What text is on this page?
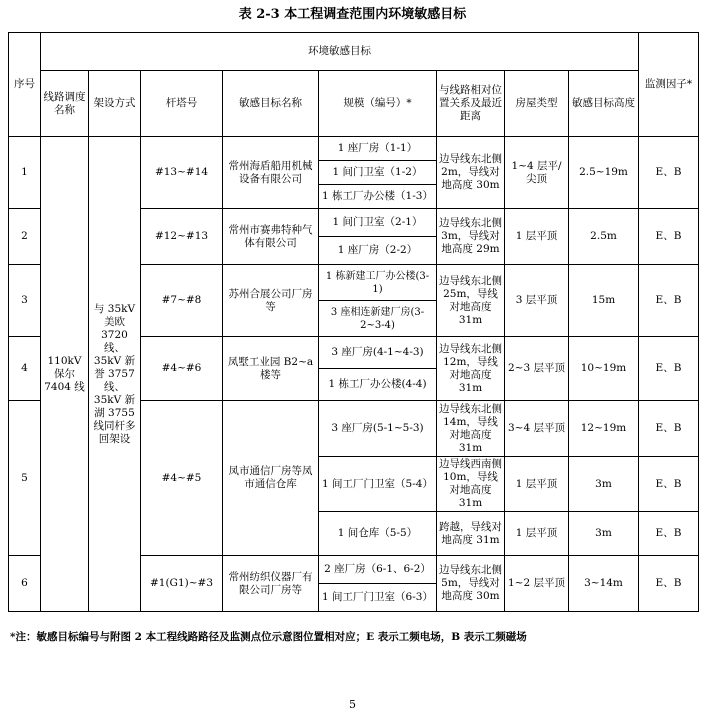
表 2-3 本工程调查范围内环境敏感目标
序号	环境敏感目标								监测因子*
	线路调度名称	架设方式	杆塔号	敏感目标名称	规模（编号）*	与线路相对位置关系及最近距离	房屋类型	敏感目标高度	
1	110kV 保尔 7404 线	与 35kV 美欧 3720 线、35kV 新誉 3757 线、35kV 新湖 3755 线同杆多回架设	#13~#14	常州海盾船用机械设备有限公司	1 座厂房（1-1）	边导线东北侧 2m，导线对地高度 30m	1~4 层平/尖顶	2.5~19m	E、B
					1 间门卫室（1-2）				
					1 栋工厂办公楼（1-3）				
2			#12~#13	常州市赛弗特种气体有限公司	1 间门卫室（2-1）	边导线东北侧 3m，导线对地高度 29m	1 层平顶	2.5m	E、B
					1 座厂房（2-2）				
3			#7~#8	苏州合展公司厂房等	1 栋新建工厂办公楼(3-1)	边导线东北侧 25m，导线对地高度 31m	3 层平顶	15m	E、B
					3 座相连新建厂房(3-2~3-4)				
4			#4~#6	凤墅工业园 B2~a 楼等	3 座厂房(4-1~4-3)	边导线东北侧 12m，导线对地高度 31m	2~3 层平顶	10~19m	E、B
					1 栋工厂办公楼(4-4)				
5			#4~#5	凤市通信厂房等凤市通信仓库	3 座厂房(5-1~5-3)	边导线东北侧 14m，导线对地高度 31m	3~4 层平顶	12~19m	E、B
					1 间工厂门卫室（5-4）	边导线西南侧 10m，导线对地高度 31m	1 层平顶	3m	E、B
					1 间仓库（5-5）	跨越，导线对地高度 31m	1 层平顶	3m	E、B
6			#1(G1)~#3	常州纺织仪器厂有限公司厂房等	2 座厂房（6-1、6-2）	边导线东北侧 5m，导线对地高度 30m	1~2 层平顶	3~14m	E、B
					1 间工厂门卫室（6-3）				
*注：敏感目标编号与附图 2 本工程线路路径及监测点位示意图位置相对应；E 表示工频电场，B 表示工频磁场
5
